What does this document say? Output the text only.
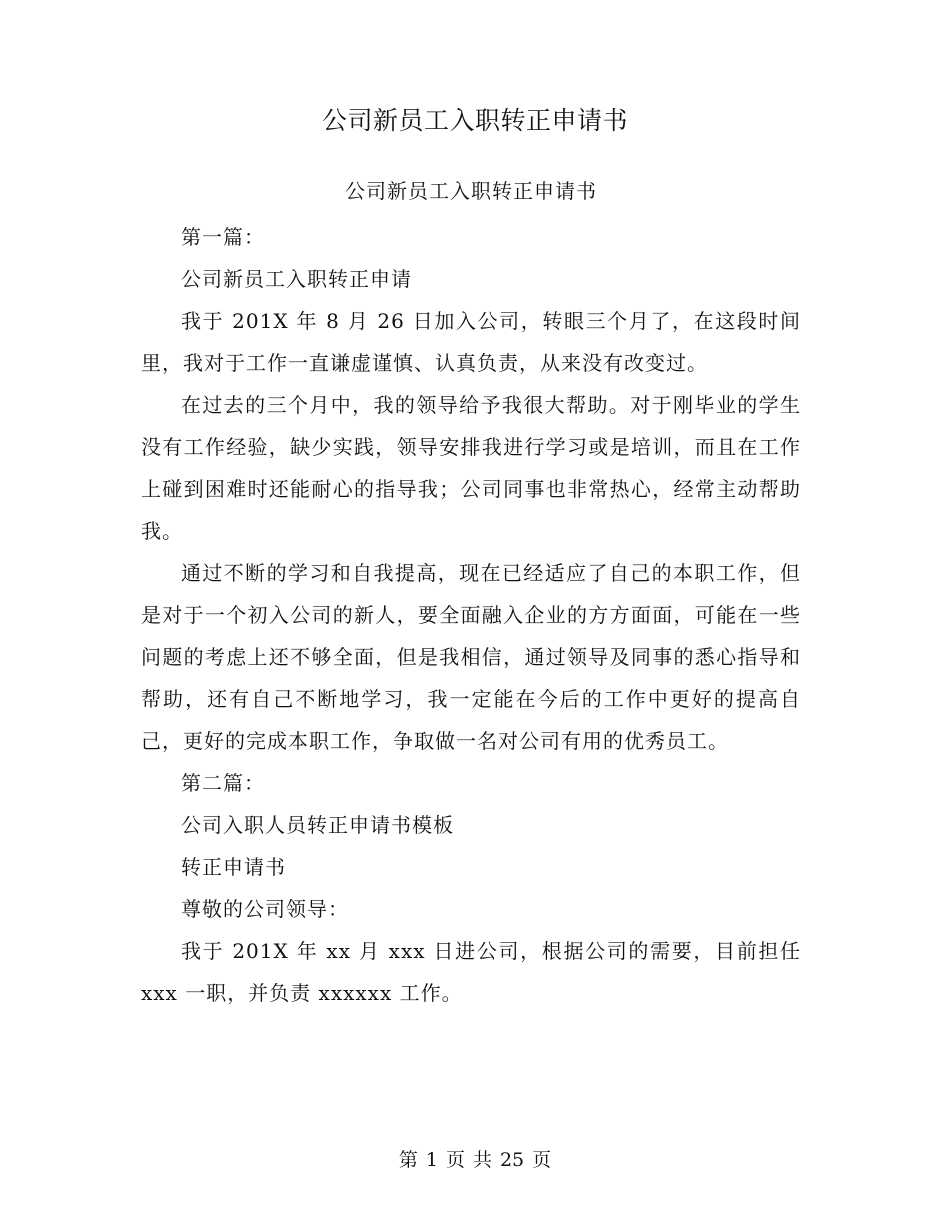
公司新员工入职转正申请书

公司新员工入职转正申请书

第一篇：

公司新员工入职转正申请

我于 201X 年 8 月 26 日加入公司，转眼三个月了，在这段时间里，我对于工作一直谦虚谨慎、认真负责，从来没有改变过。

在过去的三个月中，我的领导给予我很大帮助。对于刚毕业的学生没有工作经验，缺少实践，领导安排我进行学习或是培训，而且在工作上碰到困难时还能耐心的指导我；公司同事也非常热心，经常主动帮助我。

通过不断的学习和自我提高，现在已经适应了自己的本职工作，但是对于一个初入公司的新人，要全面融入企业的方方面面，可能在一些问题的考虑上还不够全面，但是我相信，通过领导及同事的悉心指导和帮助，还有自己不断地学习，我一定能在今后的工作中更好的提高自己，更好的完成本职工作，争取做一名对公司有用的优秀员工。

第二篇：

公司入职人员转正申请书模板

转正申请书

尊敬的公司领导：

我于 201X 年 xx 月 xxx 日进公司，根据公司的需要，目前担任 xxx 一职，并负责 xxxxxx 工作。

第 1 页 共 25 页
